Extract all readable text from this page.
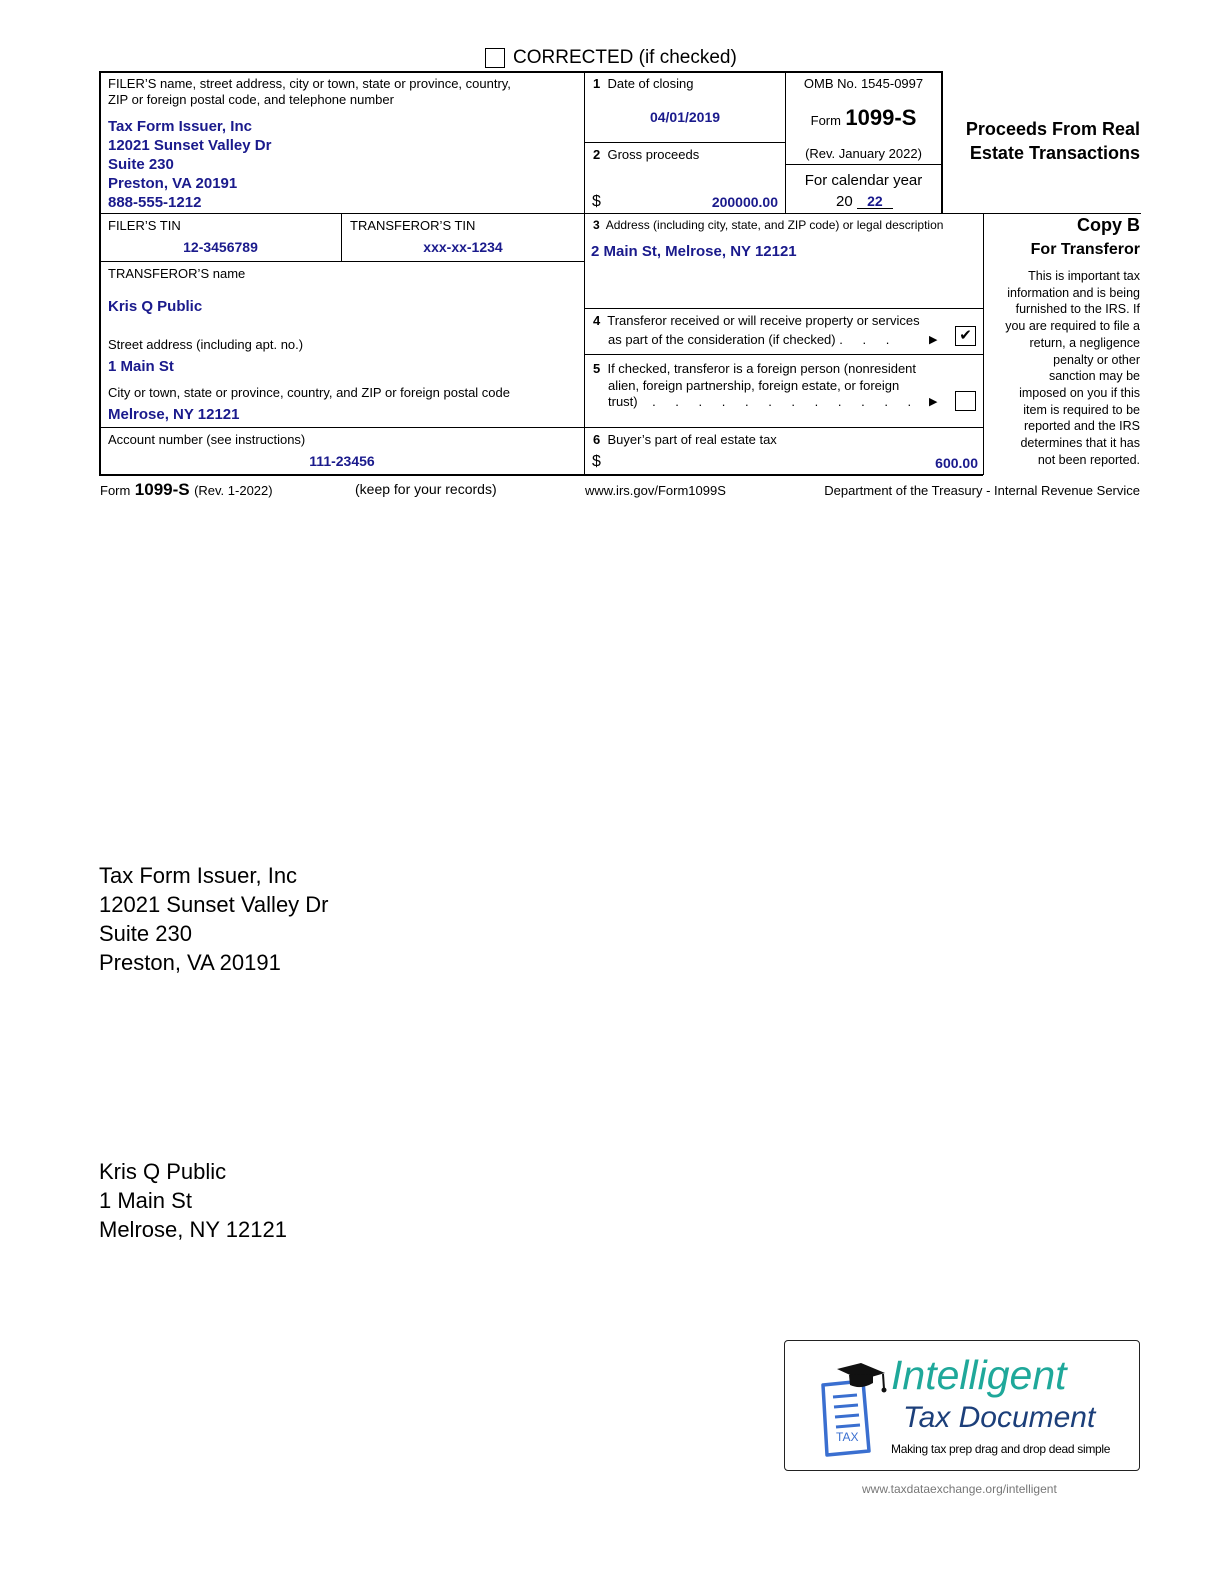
CORRECTED (if checked)
FILER’S name, street address, city or town, state or province, country,
ZIP or foreign postal code, and telephone number
Tax Form Issuer, Inc
12021 Sunset Valley Dr
Suite 230
Preston, VA 20191
888-555-1212
1 Date of closing
04/01/2019
2 Gross proceeds
$	200000.00
OMB No. 1545-0997
Form 1099-S
(Rev. January 2022)
For calendar year
20 22
Proceeds From Real
Estate Transactions
FILER’S TIN
12-3456789
TRANSFEROR’S TIN
xxx-xx-1234
3 Address (including city, state, and ZIP code) or legal description
2 Main St, Melrose, NY 12121
Copy B
For Transferor
This is important tax
information and is being
furnished to the IRS. If
you are required to file a
return, a negligence
penalty or other
sanction may be
imposed on you if this
item is required to be
reported and the IRS
determines that it has
not been reported.
TRANSFEROR’S name
Kris Q Public
Street address (including apt. no.)
1 Main St
City or town, state or province, country, and ZIP or foreign postal code
Melrose, NY 12121
4 Transferor received or will receive property or services
as part of the consideration (if checked) . . .	▶ ✔
5 If checked, transferor is a foreign person (nonresident
alien, foreign partnership, foreign estate, or foreign
trust) . . . . . . . . . . . . ▶
Account number (see instructions)
111-23456
6 Buyer’s part of real estate tax
$	600.00
Form 1099-S (Rev. 1-2022)	(keep for your records)	www.irs.gov/Form1099S	Department of the Treasury - Internal Revenue Service
Tax Form Issuer, Inc
12021 Sunset Valley Dr
Suite 230
Preston, VA 20191
Kris Q Public
1 Main St
Melrose, NY 12121
TAX
Intelligent
Tax Document
Making tax prep drag and drop dead simple
www.taxdataexchange.org/intelligent
